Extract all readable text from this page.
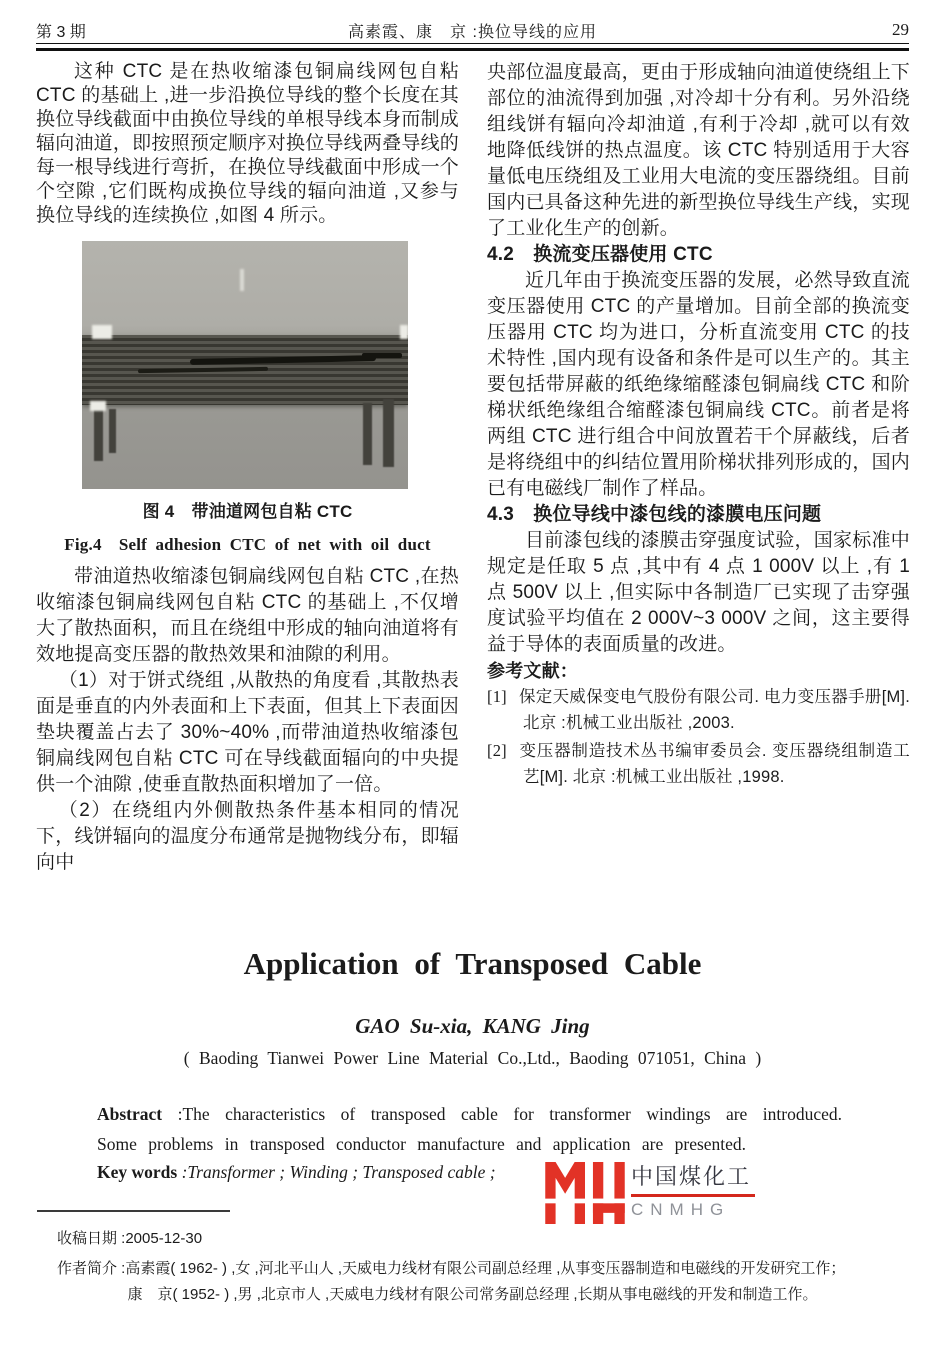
第 3 期	高素霞、康　京 :换位导线的应用	29

这种 CTC 是在热收缩漆包铜扁线网包自粘 CTC 的基础上 ,进一步沿换位导线的整个长度在其换位导线截面中由换位导线的单根导线本身而制成辐向油道，即按照预定顺序对换位导线两叠导线的每一根导线进行弯折，在换位导线截面中形成一个个空隙 ,它们既构成换位导线的辐向油道 ,又参与换位导线的连续换位 ,如图 4 所示。

图 4　带油道网包自粘 CTC
Fig.4　Self adhesion CTC of net with oil duct

带油道热收缩漆包铜扁线网包自粘 CTC ,在热收缩漆包铜扁线网包自粘 CTC 的基础上 ,不仅增大了散热面积，而且在绕组中形成的轴向油道将有效地提高变压器的散热效果和油隙的利用。

（1）对于饼式绕组 ,从散热的角度看 ,其散热表面是垂直的内外表面和上下表面，但其上下表面因垫块覆盖占去了 30%~40% ,而带油道热收缩漆包铜扁线网包自粘 CTC 可在导线截面辐向的中央提供一个油隙 ,使垂直散热面积增加了一倍。

（2）在绕组内外侧散热条件基本相同的情况下，线饼辐向的温度分布通常是抛物线分布，即辐向中

央部位温度最高，更由于形成轴向油道使绕组上下部位的油流得到加强 ,对冷却十分有利。另外沿绕组线饼有辐向冷却油道 ,有利于冷却 ,就可以有效地降低线饼的热点温度。该 CTC 特别适用于大容量低电压绕组及工业用大电流的变压器绕组。目前国内已具备这种先进的新型换位导线生产线，实现了工业化生产的创新。

4.2　换流变压器使用 CTC

近几年由于换流变压器的发展，必然导致直流变压器使用 CTC 的产量增加。目前全部的换流变压器用 CTC 均为进口，分析直流变用 CTC 的技术特性 ,国内现有设备和条件是可以生产的。其主要包括带屏蔽的纸绝缘缩醛漆包铜扁线 CTC 和阶梯状纸绝缘组合缩醛漆包铜扁线 CTC。前者是将两组 CTC 进行组合中间放置若干个屏蔽线，后者是将绕组中的纠结位置用阶梯状排列形成的，国内已有电磁线厂制作了样品。

4.3　换位导线中漆包线的漆膜电压问题

目前漆包线的漆膜击穿强度试验，国家标准中规定是任取 5 点 ,其中有 4 点 1 000V 以上 ,有 1 点 500V 以上 ,但实际中各制造厂已实现了击穿强度试验平均值在 2 000V~3 000V 之间，这主要得益于导体的表面质量的改进。

参考文献：

[1] 保定天威保变电气股份有限公司. 电力变压器手册[M]. 北京 :机械工业出版社 ,2003.
[2] 变压器制造技术丛书编审委员会. 变压器绕组制造工艺[M]. 北京 :机械工业出版社 ,1998.
Application of Transposed Cable
GAO Su-xia, KANG Jing
( Baoding Tianwei Power Line Material Co.,Ltd., Baoding 071051, China )
Abstract :The characteristics of transposed cable for transformer windings are introduced. Some problems in transposed conductor manufacture and application are presented.
Key words :Transformer ; Winding ; Transposed cable ;	中国煤化工
CNMHG
收稿日期 :2005-12-30
作者简介 :高素霞( 1962- ) ,女 ,河北平山人 ,天威电力线材有限公司副总经理 ,从事变压器制造和电磁线的开发研究工作；
康　京( 1952- ) ,男 ,北京市人 ,天威电力线材有限公司常务副总经理 ,长期从事电磁线的开发和制造工作。
